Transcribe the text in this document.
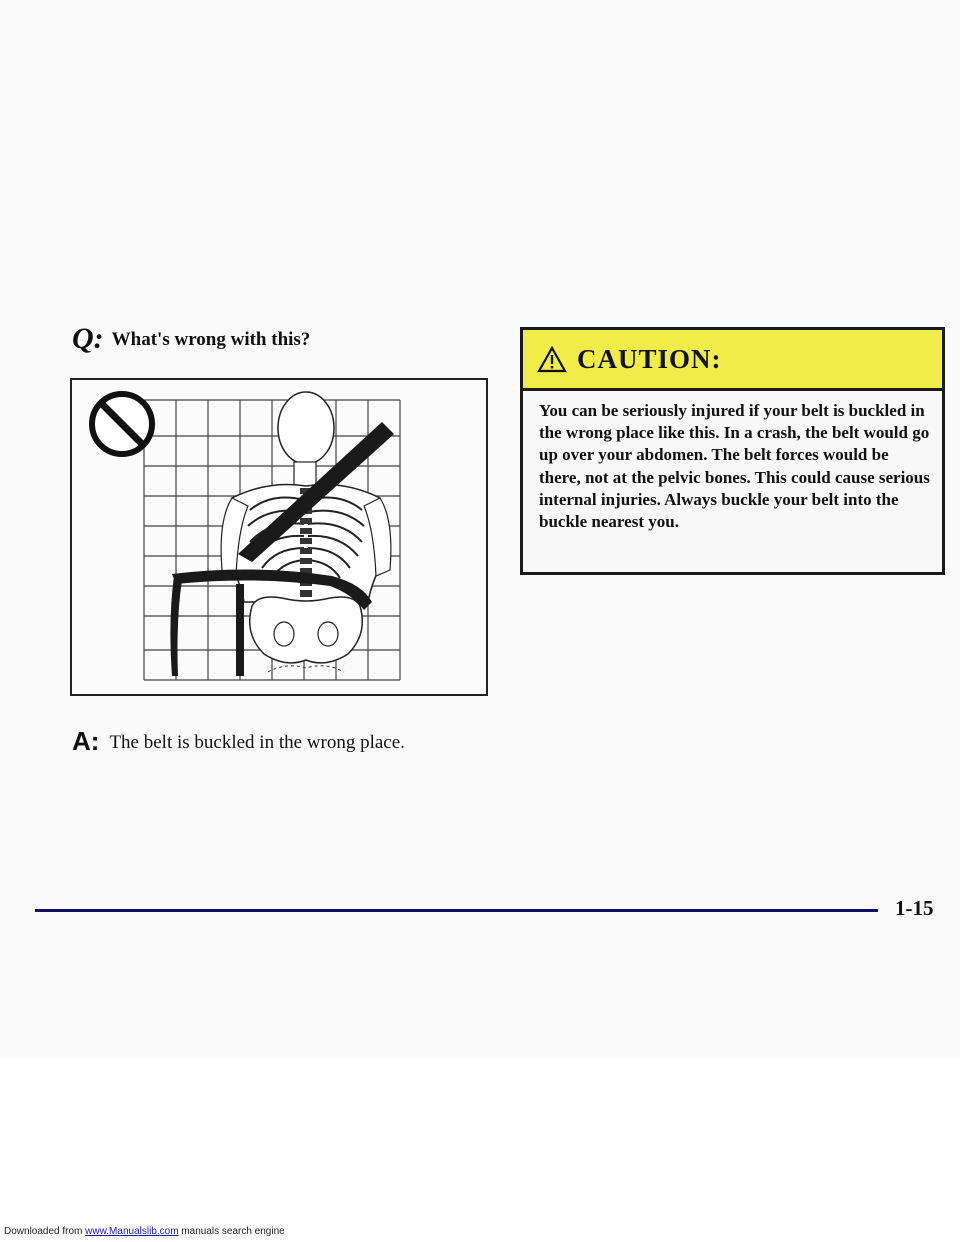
Q: What's wrong with this?
A: The belt is buckled in the wrong place.
CAUTION:
You can be seriously injured if your belt is buckled in the wrong place like this. In a crash, the belt would go up over your abdomen. The belt forces would be there, not at the pelvic bones. This could cause serious internal injuries. Always buckle your belt into the buckle nearest you.
1-15
Downloaded from www.Manualslib.com manuals search engine
